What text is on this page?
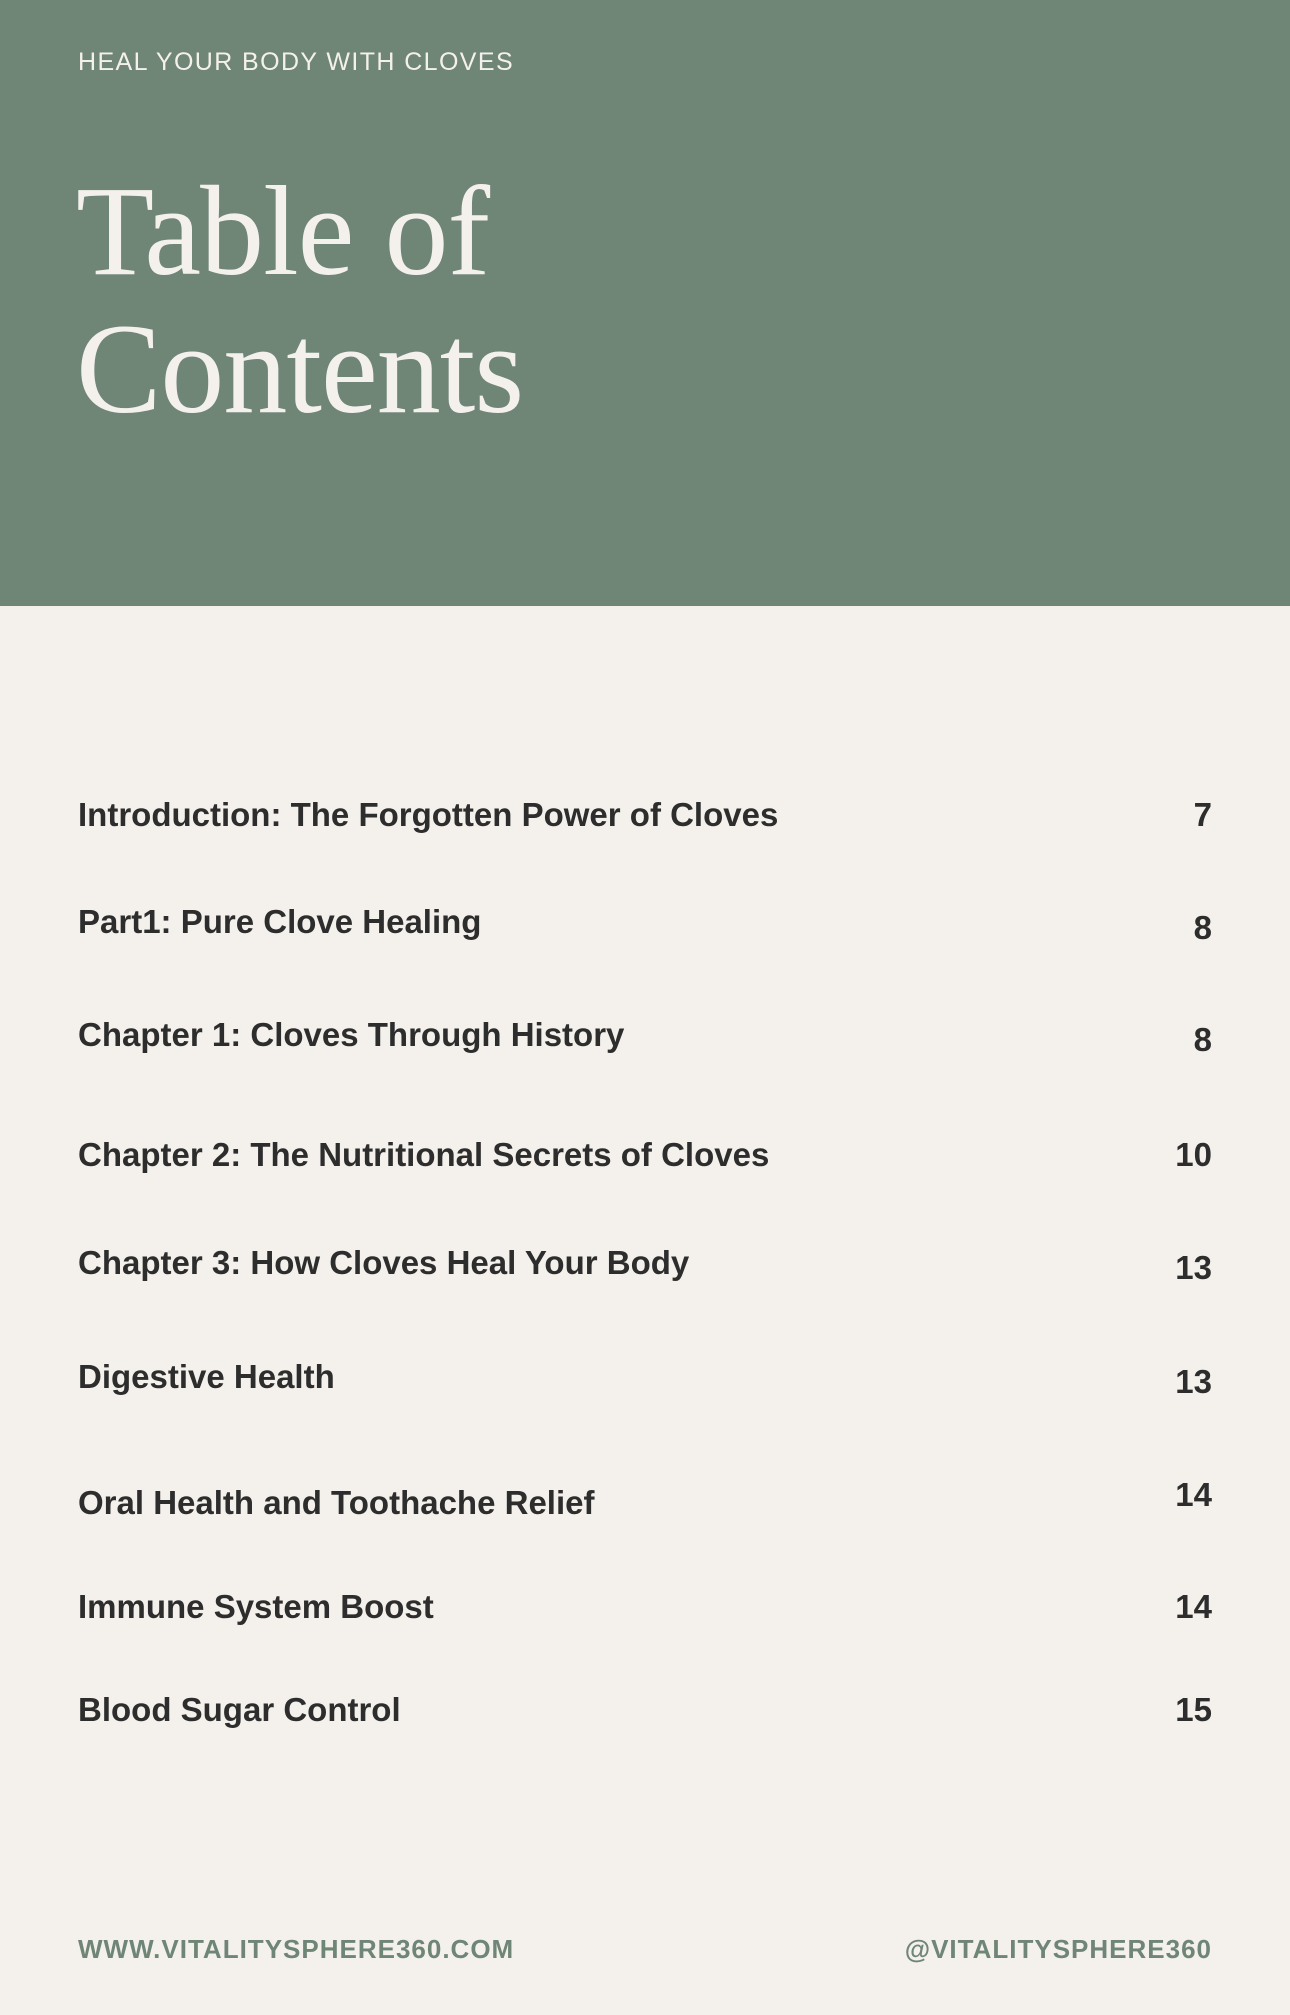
HEAL YOUR BODY WITH CLOVES

Table of
Contents
Introduction: The Forgotten Power of Cloves	7
Part1: Pure Clove Healing	8
Chapter 1: Cloves Through History	8
Chapter 2: The Nutritional Secrets of Cloves	10
Chapter 3: How Cloves Heal Your Body	13
Digestive Health	13
Oral Health and Toothache Relief	14
Immune System Boost	14
Blood Sugar Control	15
WWW.VITALITYSPHERE360.COM	@VITALITYSPHERE360
